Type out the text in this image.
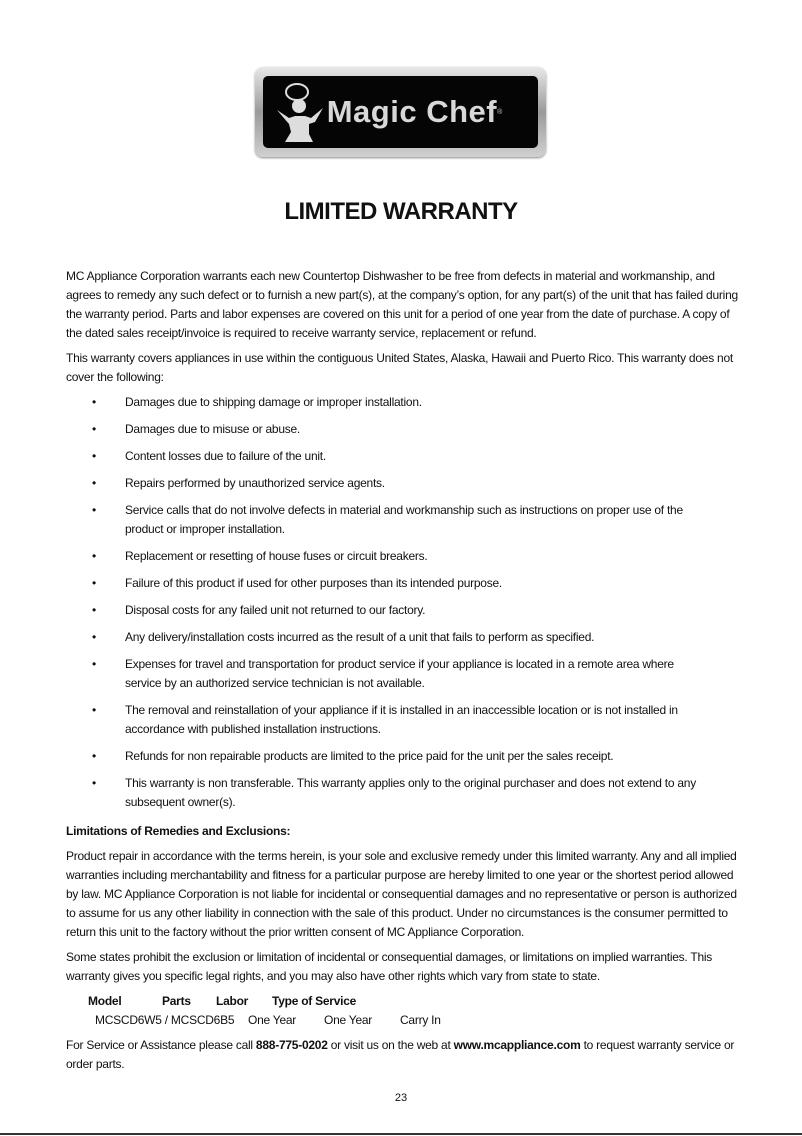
Magic Chef ®
LIMITED WARRANTY

MC Appliance Corporation warrants each new Countertop Dishwasher to be free from defects in material and workmanship, and agrees to remedy any such defect or to furnish a new part(s), at the company’s option, for any part(s) of the unit that has failed during the warranty period. Parts and labor expenses are covered on this unit for a period of one year from the date of purchase. A copy of the dated sales receipt/invoice is required to receive warranty service, replacement or refund.

This warranty covers appliances in use within the contiguous United States, Alaska, Hawaii and Puerto Rico. This warranty does not cover the following:

• Damages due to shipping damage or improper installation.
• Damages due to misuse or abuse.
• Content losses due to failure of the unit.
• Repairs performed by unauthorized service agents.
• Service calls that do not involve defects in material and workmanship such as instructions on proper use of the product or improper installation.
• Replacement or resetting of house fuses or circuit breakers.
• Failure of this product if used for other purposes than its intended purpose.
• Disposal costs for any failed unit not returned to our factory.
• Any delivery/installation costs incurred as the result of a unit that fails to perform as specified.
• Expenses for travel and transportation for product service if your appliance is located in a remote area where service by an authorized service technician is not available.
• The removal and reinstallation of your appliance if it is installed in an inaccessible location or is not installed in accordance with published installation instructions.
• Refunds for non repairable products are limited to the price paid for the unit per the sales receipt.
• This warranty is non transferable. This warranty applies only to the original purchaser and does not extend to any subsequent owner(s).

Limitations of Remedies and Exclusions:

Product repair in accordance with the terms herein, is your sole and exclusive remedy under this limited warranty. Any and all implied warranties including merchantability and fitness for a particular purpose are hereby limited to one year or the shortest period allowed by law. MC Appliance Corporation is not liable for incidental or consequential damages and no representative or person is authorized to assume for us any other liability in connection with the sale of this product. Under no circumstances is the consumer permitted to return this unit to the factory without the prior written consent of MC Appliance Corporation.

Some states prohibit the exclusion or limitation of incidental or consequential damages, or limitations on implied warranties. This warranty gives you specific legal rights, and you may also have other rights which vary from state to state.

Model	Parts Labor Type of Service
MCSCD6W5 / MCSCD6B5 One Year One Year Carry In

For Service or Assistance please call 888-775-0202 or visit us on the web at www.mcappliance.com to request warranty service or order parts.

23
